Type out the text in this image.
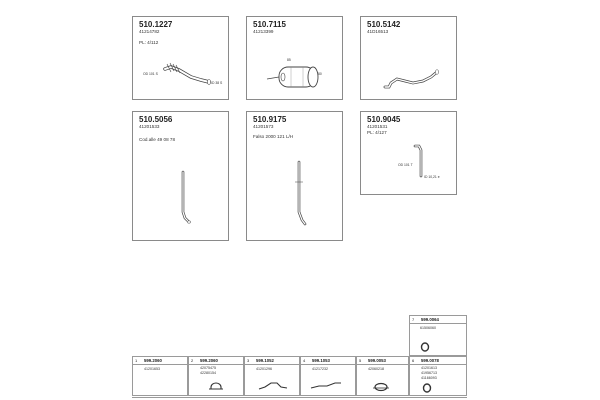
510.1227
41214782
PL: 4/112
OD 101 S
ID 38 S
510.7115
41213399
85
80
510.5142
41D16513
510.5056
41201533
Cod.alle 49 08 78
510.9175
41201573
Falso 2000 121 L/H
510.9045
41201531
PL: 4/127
OD 101 T
ID 10,21 e
7 599.0064
61506060
1 599.2060
41201653
2 599.2060
42075475
42280154
3 599.1052
41201296
4 599.1053
41217232
5 599.0053
42060218
6 599.0078
41201613
41956713
41166093
